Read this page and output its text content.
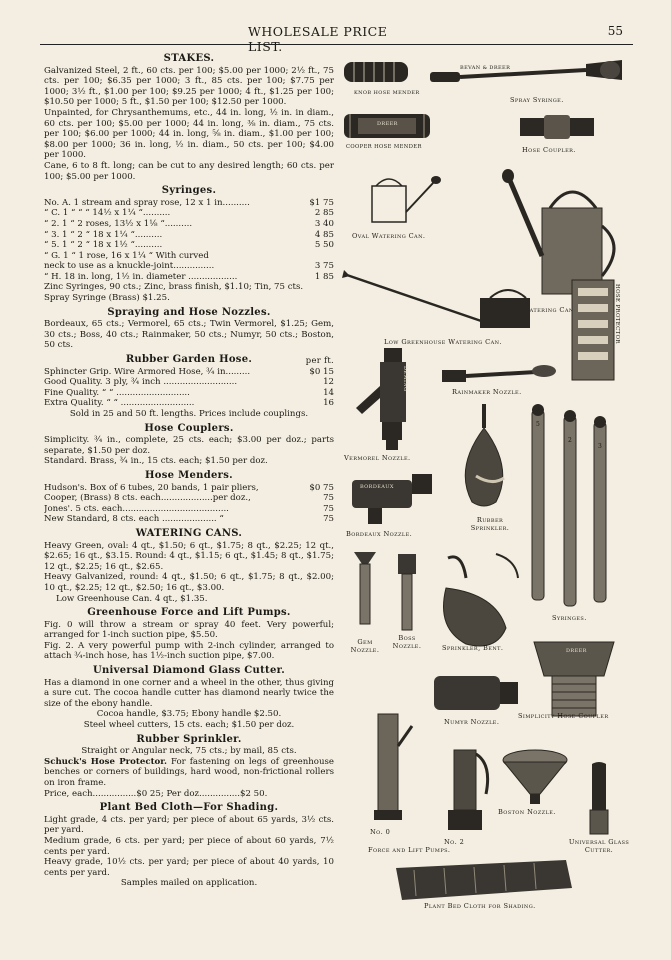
WHOLESALE PRICE LIST.
55
STAKES.

Galvanized Steel, 2 ft., 60 cts. per 100; $5.00 per 1000; 2½ ft., 75 cts. per 100; $6.35 per 1000; 3 ft., 85 cts. per 100; $7.75 per 1000; 3½ ft., $1.00 per 100; $9.25 per 1000; 4 ft., $1.25 per 100; $10.50 per 1000; 5 ft., $1.50 per 100; $12.50 per 1000.

Unpainted, for Chrysanthemums, etc., 44 in. long, ½ in. in diam., 60 cts. per 100; $5.00 per 1000; 44 in. long, ⅜ in. diam., 75 cts. per 100; $6.00 per 1000; 44 in. long, ⅝ in. diam., $1.00 per 100; $8.00 per 1000; 36 in. long, ½ in. diam., 50 cts. per 100; $4.00 per 1000.

Cane, 6 to 8 ft. long; can be cut to any desired length; 60 cts. per 100; $5.00 per 1000.

Syringes.
No. A. 1 stream and spray rose, 12 x 1 in..........	$1 75
“ C. 1 “ “ “ 14½ x 1¼ “..........	2 85
“ 2. 1 “ 2 roses, 13½ x 1⅛ “..........	3 40
“ 3. 1 “ 2 “ 18 x 1¼ “..........	4 85
“ 5. 1 “ 2 “ 18 x 1½ “..........	5 50
“ G. 1 “ 1 rose, 16 x 1¼ “ With curved
neck to use as a knuckle-joint...............	3 75
“ H. 18 in. long, 1½ in. diameter ..................	1 85

Zinc Syringes, 90 cts.; Zinc, brass finish, $1.10; Tin, 75 cts.

Spray Syringe (Brass) $1.25.

Spraying and Hose Nozzles.

Bordeaux, 65 cts.; Vermorel, 65 cts.; Twin Vermorel, $1.25; Gem, 30 cts.; Boss, 40 cts.; Rainmaker, 50 cts.; Numyr, 50 cts.; Boston, 50 cts.

Rubber Garden Hose.	per ft.
Sphincter Grip. Wire Armored Hose, ¾ in.........	$0 15
Good Quality. 3 ply, ¾ inch ...........................	12
Fine Quality. “ “ ...........................	14
Extra Quality. “ “ ...........................	16

Sold in 25 and 50 ft. lengths. Prices include couplings.

Hose Couplers.

Simplicity. ¾ in., complete, 25 cts. each; $3.00 per doz.; parts separate, $1.50 per doz.

Standard. Brass, ¾ in., 15 cts. each; $1.50 per doz.

Hose Menders.
Hudson's. Box of 6 tubes, 20 bands, 1 pair pliers,	$0 75
Cooper, (Brass) 8 cts. each...................per doz.,	75
Jones'. 5 cts. each.......................................	75
New Standard, 8 cts. each .................... “	75
WATERING CANS.

Heavy Green, oval: 4 qt., $1.50; 6 qt., $1.75; 8 qt., $2.25; 12 qt., $2.65; 16 qt., $3.15. Round: 4 qt., $1.15; 6 qt., $1.45; 8 qt., $1.75; 12 qt., $2.25; 16 qt., $2.65.

Heavy Galvanized, round: 4 qt., $1.50; 6 qt., $1.75; 8 qt., $2.00; 10 qt., $2.25; 12 qt., $2.50; 16 qt., $3.00.

Low Greenhouse Can. 4 qt., $1.35.

Greenhouse Force and Lift Pumps.

Fig. 0 will throw a stream or spray 40 feet. Very powerful; arranged for 1-inch suction pipe, $5.50.

Fig. 2. A very powerful pump with 2-inch cylinder, arranged to attach ¾-inch hose, has 1½-inch suction pipe, $7.00.

Universal Diamond Glass Cutter.

Has a diamond in one corner and a wheel in the other, thus giving a sure cut. The cocoa handle cutter has diamond nearly twice the size of the ebony handle.

Cocoa handle, $3.75; Ebony handle $2.50.

Steel wheel cutters, 15 cts. each; $1.50 per doz.

Rubber Sprinkler.

Straight or Angular neck, 75 cts.; by mail, 85 cts.

Schuck's Hose Protector. For fastening on legs of greenhouse benches or corners of buildings, hard wood, non-frictional rollers on iron frame.

Price, each................$0 25; Per doz...............$2 50.

Plant Bed Cloth—For Shading.

Light grade, 4 cts. per yard; per piece of about 65 yards, 3½ cts. per yard.

Medium grade, 6 cts. per yard; per piece of about 60 yards, 7½ cents per yard.

Heavy grade, 10½ cts. per yard; per piece of about 40 yards, 10 cents per yard.

Samples mailed on application.

KNOB HOSE MENDER
BEVAN & DREER
Spray Syringe.
DREER
COOPER HOSE MENDER	Hose Coupler.
Oval Watering Can.
Watering Can.
Low Greenhouse Watering Can.	HOSE PROTECTOR
DEMING
Vermorel Nozzle.
Rainmaker Nozzle.
Rubber Sprinkler.
5
2
3
Syringes.
BORDEAUX
Bordeaux Nozzle.
Gem Nozzle.
Boss Nozzle.	Sprinkler, Bent.	DREER
Simplicity Hose Coupler
Numyr Nozzle.
No. 0
No. 2
Force and Lift Pumps.
Boston Nozzle.
Universal Glass Cutter.
Plant Bed Cloth for Shading.
